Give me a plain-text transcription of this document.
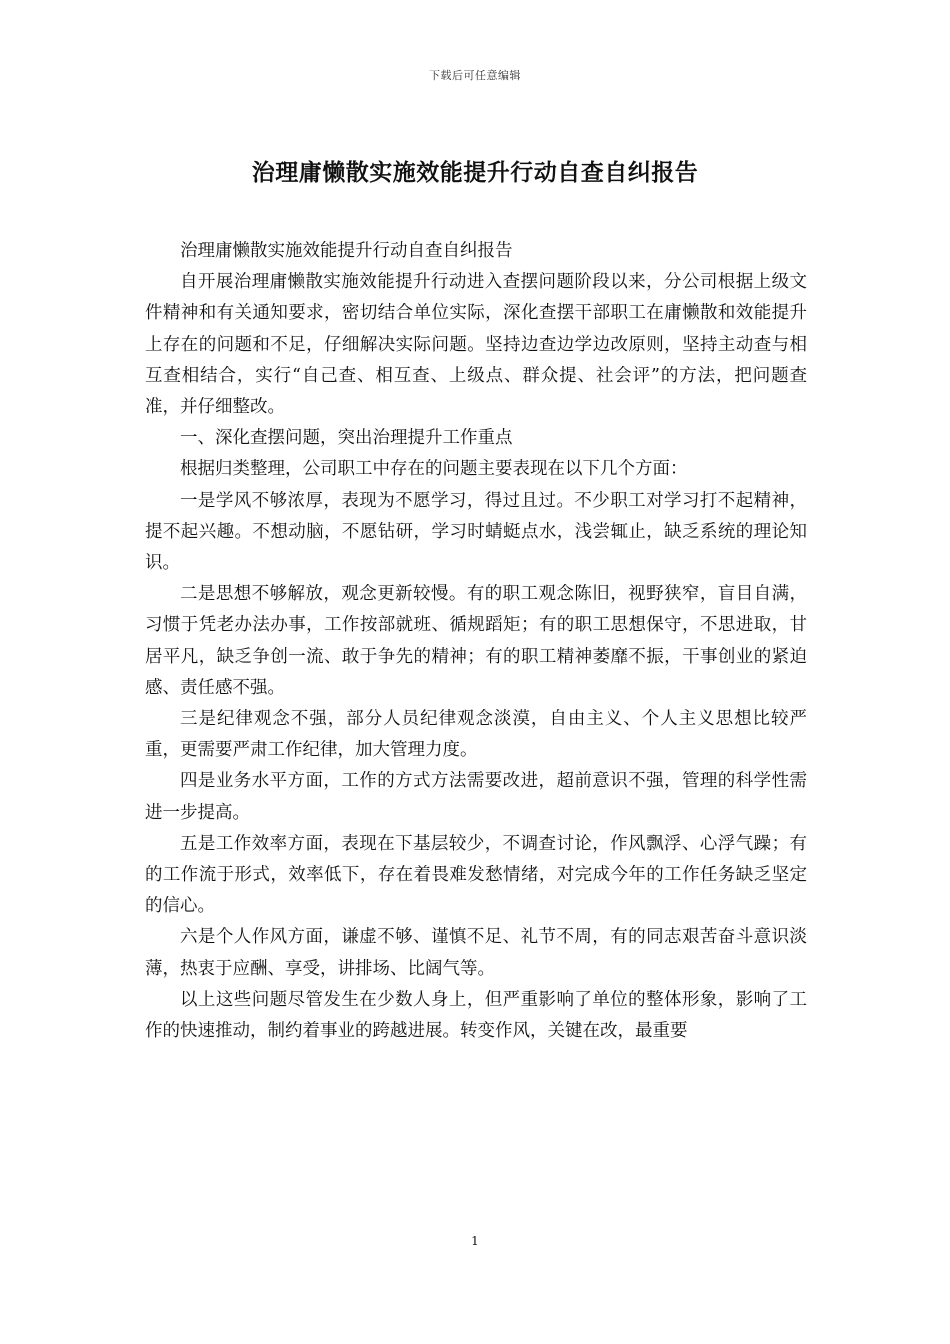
下载后可任意编辑
治理庸懒散实施效能提升行动自查自纠报告

治理庸懒散实施效能提升行动自查自纠报告

自开展治理庸懒散实施效能提升行动进入查摆问题阶段以来，分公司根据上级文件精神和有关通知要求，密切结合单位实际，深化查摆干部职工在庸懒散和效能提升上存在的问题和不足，仔细解决实际问题。坚持边查边学边改原则，坚持主动查与相互查相结合，实行“自己查、相互查、上级点、群众提、社会评”的方法，把问题查准，并仔细整改。

一、深化查摆问题，突出治理提升工作重点

根据归类整理，公司职工中存在的问题主要表现在以下几个方面：

一是学风不够浓厚，表现为不愿学习，得过且过。不少职工对学习打不起精神，提不起兴趣。不想动脑，不愿钻研，学习时蜻蜓点水，浅尝辄止，缺乏系统的理论知识。

二是思想不够解放，观念更新较慢。有的职工观念陈旧，视野狭窄，盲目自满，习惯于凭老办法办事，工作按部就班、循规蹈矩；有的职工思想保守，不思进取，甘居平凡，缺乏争创一流、敢于争先的精神；有的职工精神萎靡不振，干事创业的紧迫感、责任感不强。

三是纪律观念不强，部分人员纪律观念淡漠，自由主义、个人主义思想比较严重，更需要严肃工作纪律，加大管理力度。

四是业务水平方面，工作的方式方法需要改进，超前意识不强，管理的科学性需进一步提高。

五是工作效率方面，表现在下基层较少，不调查讨论，作风飘浮、心浮气躁；有的工作流于形式，效率低下，存在着畏难发愁情绪，对完成今年的工作任务缺乏坚定的信心。

六是个人作风方面，谦虚不够、谨慎不足、礼节不周，有的同志艰苦奋斗意识淡薄，热衷于应酬、享受，讲排场、比阔气等。

以上这些问题尽管发生在少数人身上，但严重影响了单位的整体形象，影响了工作的快速推动，制约着事业的跨越进展。转变作风，关键在改，最重要

1
